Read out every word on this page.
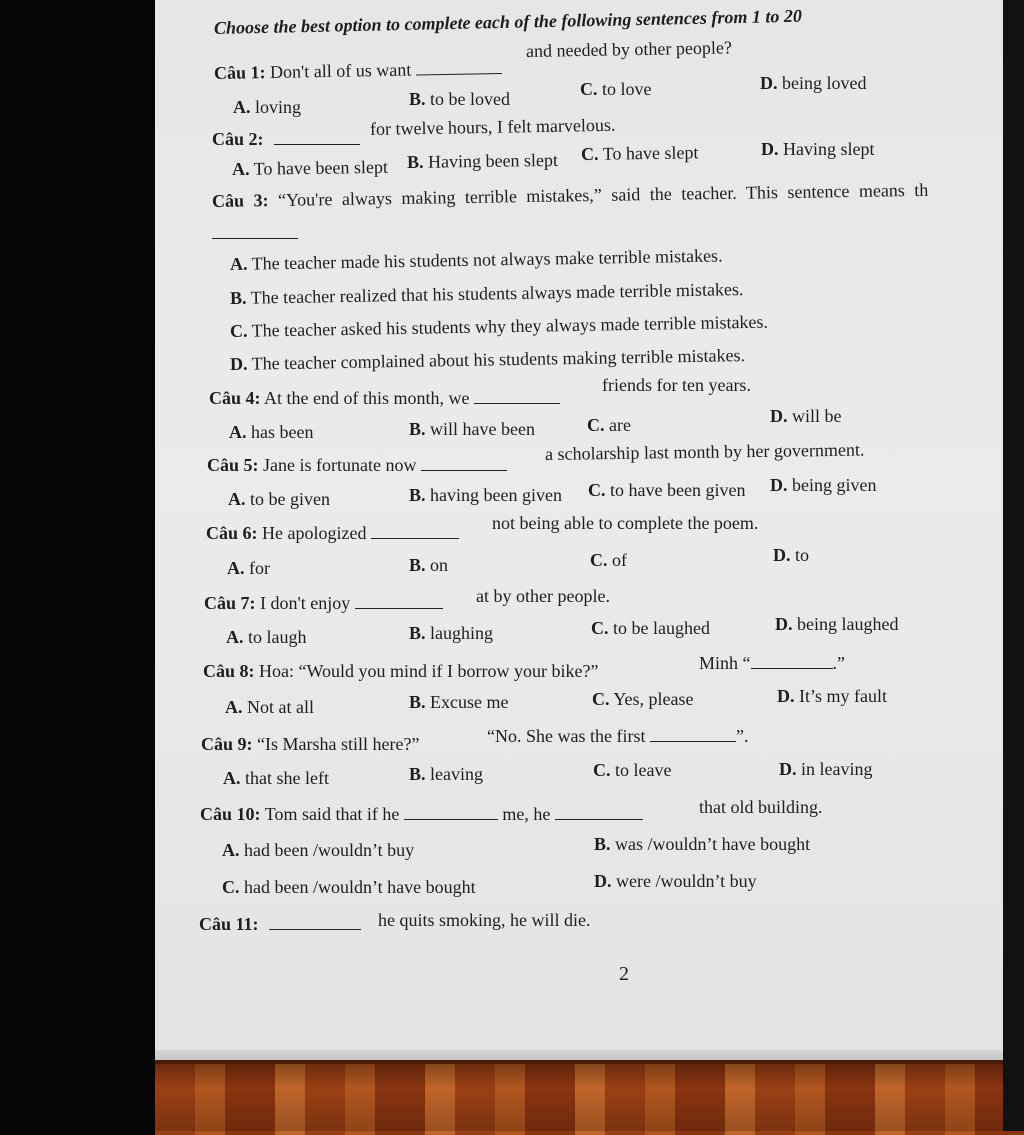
Choose the best option to complete each of the following sentences from 1 to 20
Câu 1: Don't all of us want
and needed by other people?
A. loving	B. to be loved	C. to love	D. being loved
Câu 2:
for twelve hours, I felt marvelous.
A. To have been slept B. Having been slept C. To have slept	D. Having slept
Câu 3: “You're always making terrible mistakes,” said the teacher. This sentence means th
A. The teacher made his students not always make terrible mistakes.
B. The teacher realized that his students always made terrible mistakes.
C. The teacher asked his students why they always made terrible mistakes.
D. The teacher complained about his students making terrible mistakes.
Câu 4: At the end of this month, we
friends for ten years.
A. has been	B. will have been	C. are	D. will be
Câu 5: Jane is fortunate now
a scholarship last month by her government.
A. to be given	B. having been given C. to have been given D. being given
Câu 6: He apologized	not being able to complete the poem.
A. for	B. on	C. of	D. to
Câu 7: I don't enjoy	at by other people.
A. to laugh	B. laughing	C. to be laughed	D. being laughed
Câu 8: Hoa: “Would you mind if I borrow your bike?”	Minh “	.”
A. Not at all	B. Excuse me	C. Yes, please	D. It’s my fault
Câu 9: “Is Marsha still here?”	“No. She was the first	”.
A. that she left	B. leaving	C. to leave	D. in leaving
Câu 10: Tom said that if he	me, he	that old building.
A. had been /wouldn’t buy	B. was /wouldn’t have bought
C. had been /wouldn’t have bought	D. were /wouldn’t buy
Câu 11:	he quits smoking, he will die.
2
